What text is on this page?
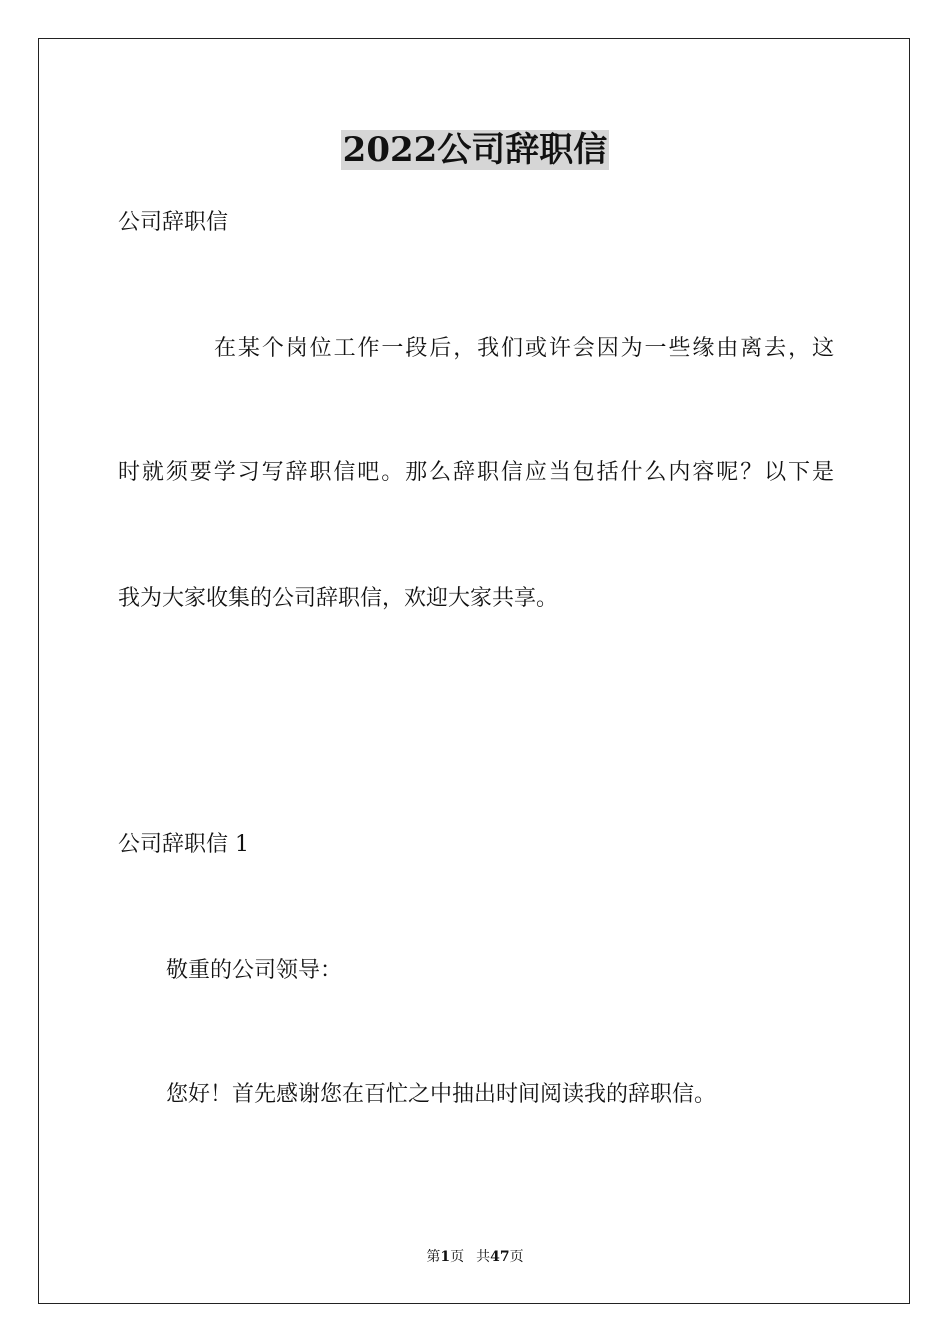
2022公司辞职信

公司辞职信

在某个岗位工作一段后，我们或许会因为一些缘由离去，这

时就须要学习写辞职信吧。那么辞职信应当包括什么内容呢？以下是

我为大家收集的公司辞职信，欢迎大家共享。

公司辞职信 1

敬重的公司领导：

您好！首先感谢您在百忙之中抽出时间阅读我的辞职信。

第1页 共47页
